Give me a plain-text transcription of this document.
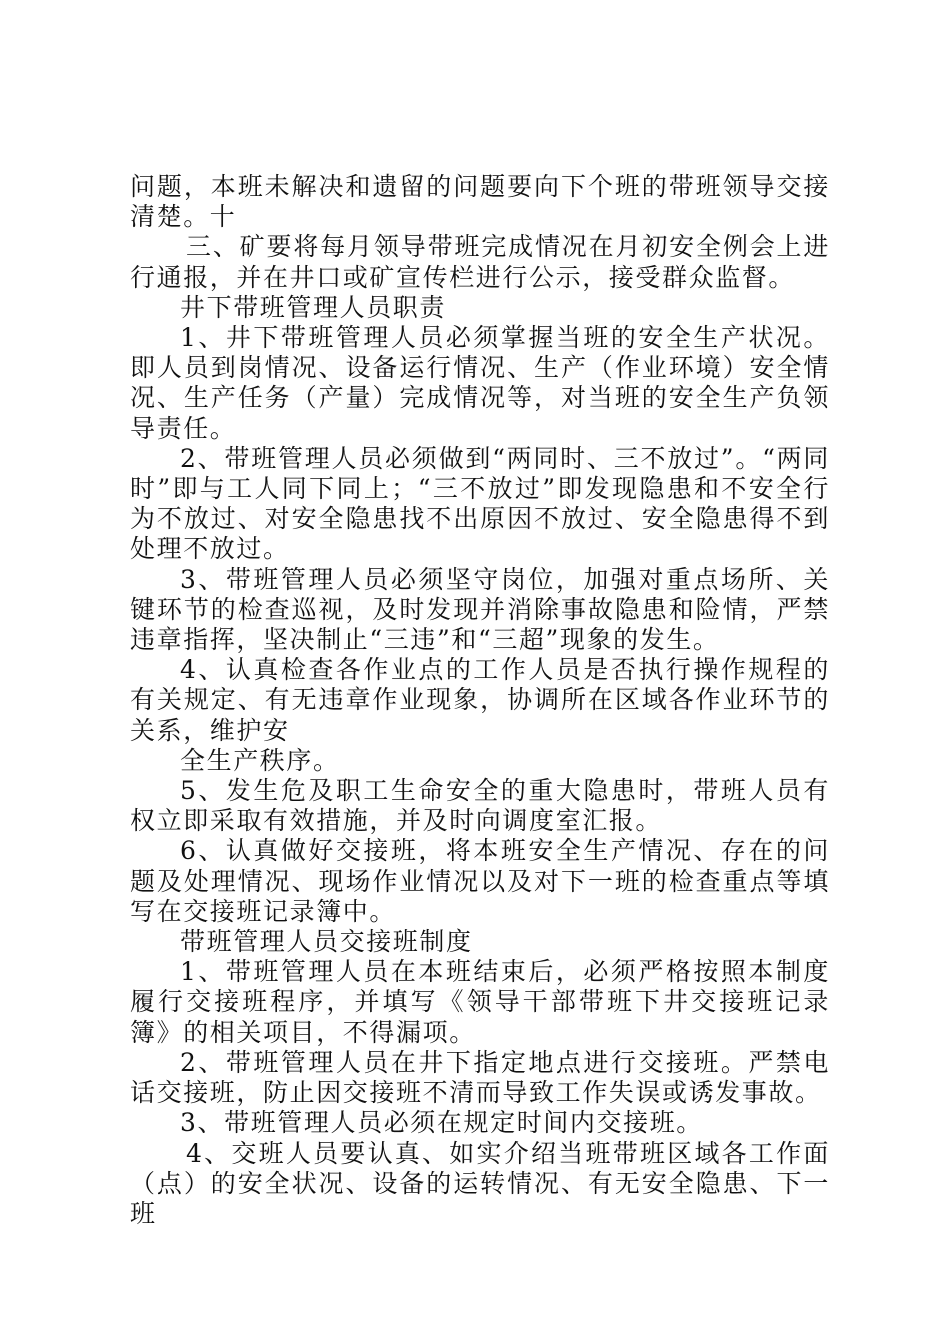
问题，本班未解决和遗留的问题要向下个班的带班领导交接清楚。十

三、矿要将每月领导带班完成情况在月初安全例会上进行通报，并在井口或矿宣传栏进行公示，接受群众监督。

井下带班管理人员职责

1、井下带班管理人员必须掌握当班的安全生产状况。即人员到岗情况、设备运行情况、生产（作业环境）安全情况、生产任务（产量）完成情况等，对当班的安全生产负领导责任。

2、带班管理人员必须做到“两同时、三不放过”。“两同时”即与工人同下同上；“三不放过”即发现隐患和不安全行为不放过、对安全隐患找不出原因不放过、安全隐患得不到处理不放过。

3、带班管理人员必须坚守岗位，加强对重点场所、关键环节的检查巡视，及时发现并消除事故隐患和险情，严禁违章指挥，坚决制止“三违”和“三超”现象的发生。

4、认真检查各作业点的工作人员是否执行操作规程的有关规定、有无违章作业现象，协调所在区域各作业环节的关系，维护安

全生产秩序。

5、发生危及职工生命安全的重大隐患时，带班人员有权立即采取有效措施，并及时向调度室汇报。

6、认真做好交接班，将本班安全生产情况、存在的问题及处理情况、现场作业情况以及对下一班的检查重点等填写在交接班记录簿中。

带班管理人员交接班制度

1、带班管理人员在本班结束后，必须严格按照本制度履行交接班程序，并填写《领导干部带班下井交接班记录簿》的相关项目，不得漏项。

2、带班管理人员在井下指定地点进行交接班。严禁电话交接班，防止因交接班不清而导致工作失误或诱发事故。

3、带班管理人员必须在规定时间内交接班。

4、交班人员要认真、如实介绍当班带班区域各工作面（点）的安全状况、设备的运转情况、有无安全隐患、下一班
